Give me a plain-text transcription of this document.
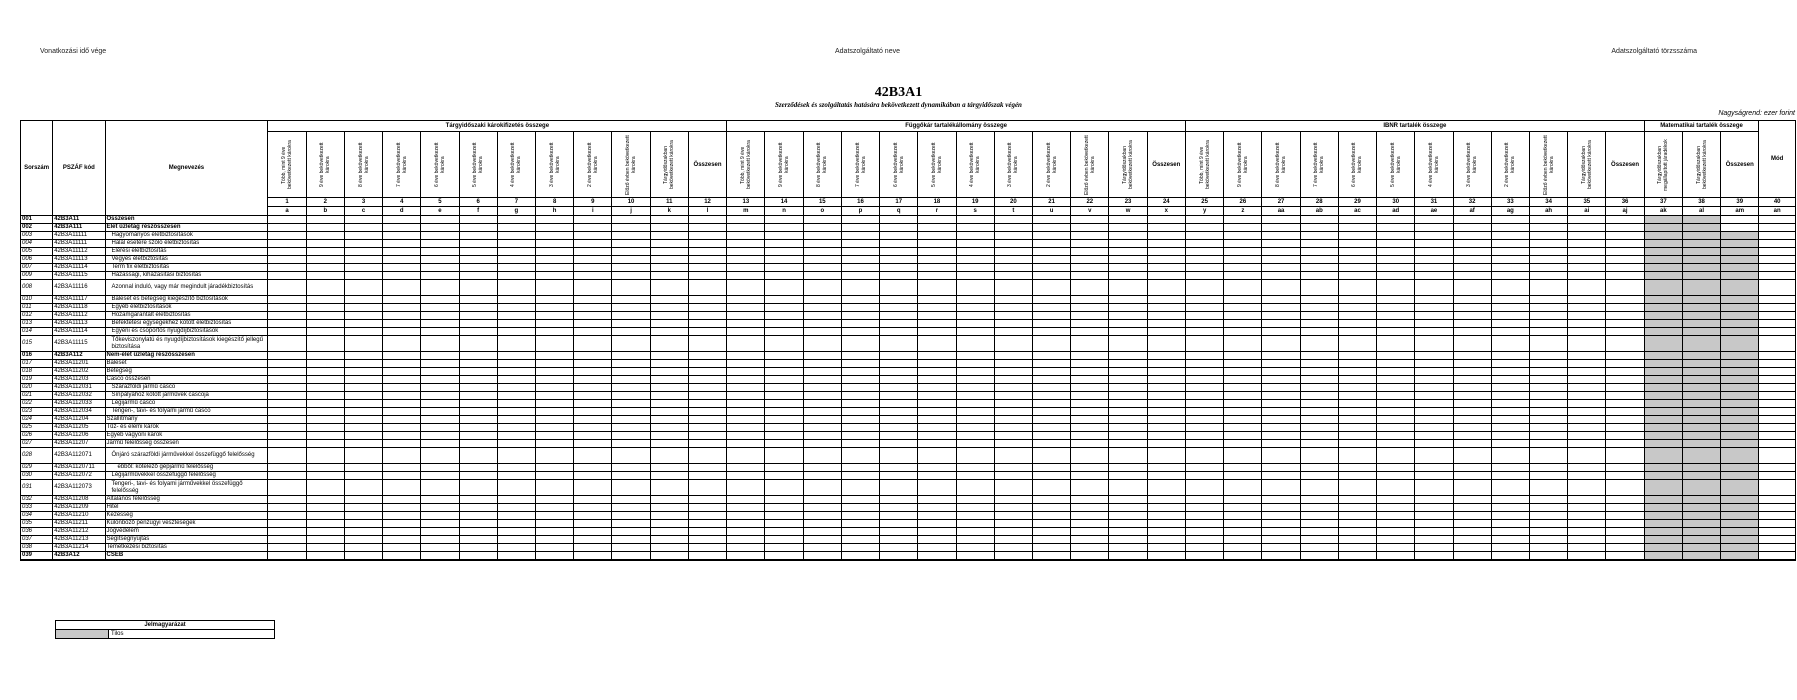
Vonatkozási idő vége	Adatszolgáltató neve	Adatszolgáltató törzsszáma
42B3A1
Szerződések és szolgáltatás hatására bekövetkezett dynamikában a tárgyidőszak végén
Nagyságrend: ezer forint
Sorszám	PSZÁF kód	Megnevezés	Tárgyidőszaki károkifizetés összege												Függőkár tartalékállomány összege												IBNR tartalék összege												Matematikai tartalék összege			Mód

			Több, mint 9 éve bekövetkezett károkra	9 éve bekövetkezett károkra	8 éve bekövetkezett károkra	7 éve bekövetkezett károkra	6 éve bekövetkezett károkra	5 éve bekövetkezett károkra	4 éve bekövetkezett károkra	3 éve bekövetkezett károkra	2 éve bekövetkezett károkra	Előző évben bekövetkezett károkra	Tárgyidőszakban bekövetkezett károkra	Összesen	Több, mint 9 éve bekövetkezett károkra	9 éve bekövetkezett károkra	8 éve bekövetkezett károkra	7 éve bekövetkezett károkra	6 éve bekövetkezett károkra	5 éve bekövetkezett károkra	4 éve bekövetkezett károkra	3 éve bekövetkezett károkra	2 éve bekövetkezett károkra	Előző évben bekövetkezett károkra	Tárgyidőszakban bekövetkezett károkra	Összesen	Több, mint 9 éve bekövetkezett károkra	9 éve bekövetkezett károkra	8 éve bekövetkezett károkra	7 éve bekövetkezett károkra	6 éve bekövetkezett károkra	5 éve bekövetkezett károkra	4 éve bekövetkezett károkra	3 éve bekövetkezett károkra	2 éve bekövetkezett károkra	Előző évben bekövetkezett károkra	Tárgyidőszakban bekövetkezett károkra	Összesen	Tárgyidőszakban megállapított járadékok	Tárgyidőszakban bekövetkezett károkra	Összesen	
			1	2	3	4	5	6	7	8	9	10	11	12	13	14	15	16	17	18	19	20	21	22	23	24	25	26	27	28	29	30	31	32	33	34	35	36	37	38	39	40
			a	b	c	d	e	f	g	h	i	j	k	l	m	n	o	p	q	r	s	t	u	v	w	x	y	z	aa	ab	ac	ad	ae	af	ag	ah	ai	aj	ak	al	am	an
001	42B3A11	Összesen																																								
002	42B3A111	Élet üzletág részösszesen																																								
003	42B3A11111	Hagyományos életbiztosítások																																								
004	42B3A11111	Halál esetére szóló életbiztosítás																																								
005	42B3A11112	Elérési életbiztosítás																																								
006	42B3A11113	Vegyes életbiztosítás																																								
007	42B3A11114	Term fix életbiztosítás																																								
009	42B3A11115	Házassági, kiházasítási biztosítás																																								
008	42B3A11116	Azonnal induló, vagy már megindult járadékbiztosítás																																								
010	42B3A11117	Baleset és betegség kiegészítő biztosítások																																								
011	42B3A11118	Egyéb életbiztosítások																																								
012	42B3A11112	Hozamgarantált életbiztosítás																																								
013	42B3A11113	Befektetési egységekhez kötött életbiztosítás																																								
014	42B3A11114	Egyéni és csoportos nyugdíjbiztosítások																																								
015	42B3A11115	Tőkeviszonylatú és nyugdíjbiztosítások kiegészítő jellegű biztosítása																																								
016	42B3A112	Nem-élet üzletág részösszesen																																								
017	42B3A11201	Baleset																																								
018	42B3A11202	Betegség																																								
019	42B3A11203	Casco összesen																																								
020	42B3A112031	Szárazföldi jármű casco																																								
021	42B3A112032	Sínpályához kötött járművek cascoja																																								
022	42B3A112033	Légijármű casco																																								
023	42B3A112034	Tengeri-, tavi- és folyami jármű casco																																								
024	42B3A11204	Szállítmány																																								
025	42B3A11205	Tűz- és elemi károk																																								
026	42B3A11206	Egyéb vagyoni károk																																								
027	42B3A11207	Jármű felelősség összesen																																								
028	42B3A112071	Önjáró szárazföldi járművekkel összefüggő felelősség																																								
029	42B3A1120711	ebből: kötelező gépjármű felelősség																																								
030	42B3A112072	Légijárművekkel összefüggő felelősség																																								
031	42B3A112073	Tengeri-, tavi- és folyami járművekkel összefüggő felelősség																																								
032	42B3A11208	Általános felelősség																																								
033	42B3A11209	Hitel																																								
034	42B3A11210	Kezesség																																								
035	42B3A11211	Különböző pénzügyi veszteségek																																								
036	42B3A11212	Jogvédelem																																								
037	42B3A11213	Segítségnyújtás																																								
038	42B3A11214	Temetkezési biztosítás																																								
039	42B3A12	CSÉB																																								
Jelmagyarázat
	Tilos
